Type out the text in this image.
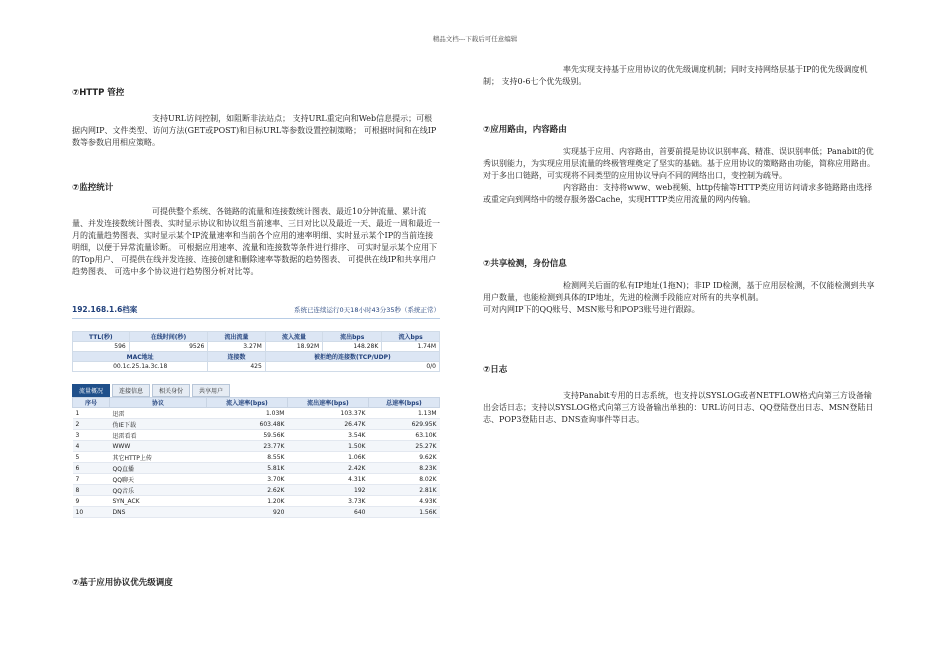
精品文档---下载后可任意编辑
⑦HTTP 管控

支持URL访问控制，如阻断非法站点； 支持URL重定向和Web信息提示；可根据内网IP、文件类型、访问方法(GET或POST)和目标URL等参数设置控制策略； 可根据时间和在线IP数等参数启用相应策略。

⑦监控统计

可提供整个系统、各链路的流量和连接数统计图表、最近10分钟流量、累计流量、并发连接数统计图表、实时显示协议和协议组当前速率、三日对比以及最近一天、最近一周和最近一月的流量趋势图表、实时显示某个IP流量速率和当前各个应用的速率明细、实时显示某个IP的当前连接明细，以便于异常流量诊断。 可根据应用速率、流量和连接数等条件进行排序、 可实时显示某个应用下的Top用户、 可提供在线并发连接、连接创建和删除速率等数据的趋势图表、 可提供在线IP和共享用户趋势图表、 可选中多个协议进行趋势图分析对比等。

192.168.1.6档案	系统已连续运行0天18小时43分35秒（系统正常）
TTL(秒)	在线时间(秒)	流出流量	流入流量	流出bps	流入bps
596	9526	3.27M	18.92M	148.28K	1.74M
MAC地址		连接数	被拒绝的连接数(TCP/UDP)		
00.1c.25.1a.3c.18		425	0/0		
流量概况	连接信息	相关身份	共享用户
序号	协议	流入速率(bps)	流出速率(bps)	总速率(bps)
1	迅雷	1.03M	103.37K	1.13M
2	伪IE下载	603.48K	26.47K	629.95K
3	迅雷看看	59.56K	3.54K	63.10K
4	WWW	23.77K	1.50K	25.27K
5	其它HTTP上传	8.55K	1.06K	9.62K
6	QQ直播	5.81K	2.42K	8.23K
7	QQ聊天	3.70K	4.31K	8.02K
8	QQ音乐	2.62K	192	2.81K
9	SYN_ACK	1.20K	3.73K	4.93K
10	DNS	920	640	1.56K
⑦基于应用协议优先级调度

率先实现支持基于应用协议的优先级调度机制；同时支持网络层基于IP的优先级调度机制； 支持0-6七个优先级别。

⑦应用路由，内容路由

实现基于应用、内容路由，首要前提是协议识别率高、精准、误识别率低；Panabit的优秀识别能力，为实现应用层流量的终极管理奠定了坚实的基础。基于应用协议的策略路由功能，简称应用路由。对于多出口链路，可实现将不同类型的应用协议导向不同的网络出口，变控制为疏导。

内容路由：支持将www、web视频、http传输等HTTP类应用访问请求多链路路由选择或重定向到网络中的缓存服务器Cache，实现HTTP类应用流量的网内传输。

⑦共享检测，身份信息

检测网关后面的私有IP地址(1拖N)；非IP ID检测，基于应用层检测，不仅能检测到共享用户数量，也能检测到具体的IP地址，先进的检测手段能应对所有的共享机制。

可对内网IP下的QQ账号、MSN账号和POP3账号进行跟踪。

⑦日志

支持Panabit专用的日志系统，也支持以SYSLOG或者NETFLOW格式向第三方设备输出会话日志；支持以SYSLOG格式向第三方设备输出单独的：URL访问日志、QQ登陆登出日志、MSN登陆日志、POP3登陆日志、DNS查询事件等日志。
